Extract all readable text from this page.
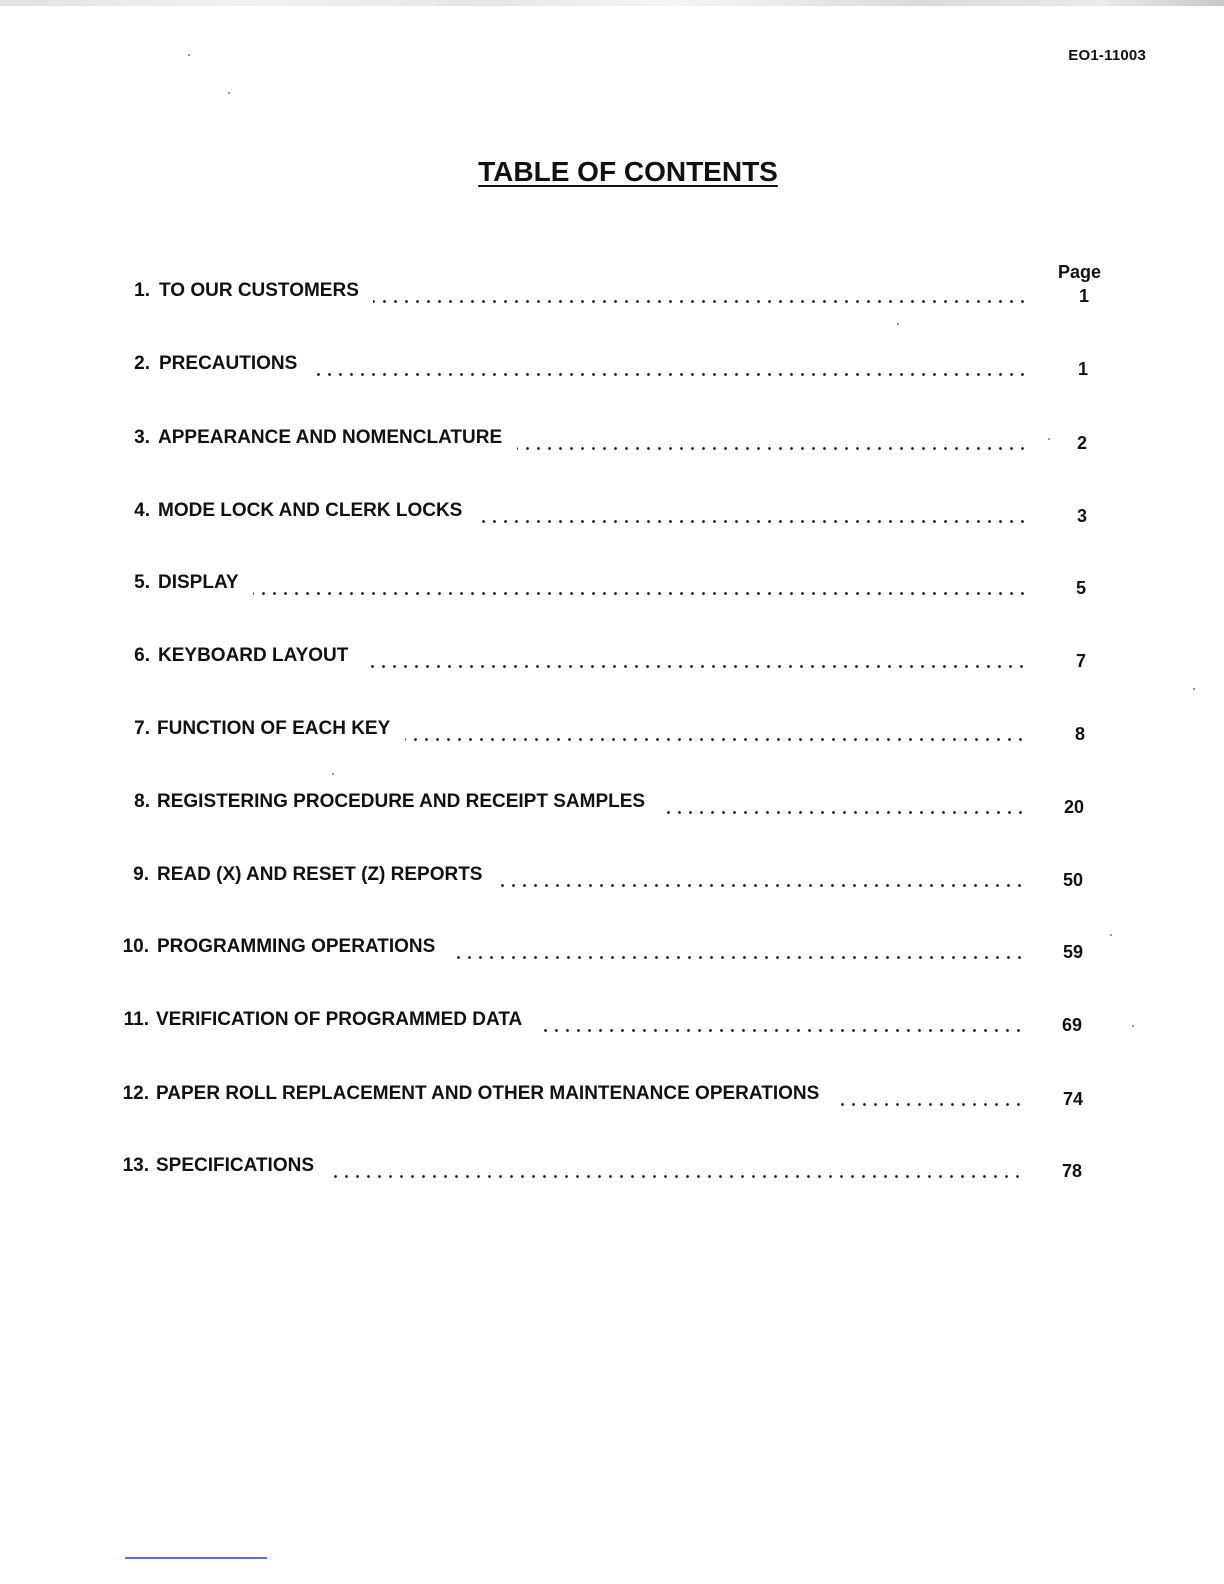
EO1-11003
TABLE OF CONTENTS
Page
1. TO OUR CUSTOMERS	1
2. PRECAUTIONS	1
3. APPEARANCE AND NOMENCLATURE	2
4. MODE LOCK AND CLERK LOCKS	3
5. DISPLAY	5
6. KEYBOARD LAYOUT	7
7. FUNCTION OF EACH KEY	8
8. REGISTERING PROCEDURE AND RECEIPT SAMPLES	20
9. READ (X) AND RESET (Z) REPORTS	50
10. PROGRAMMING OPERATIONS	59
11. VERIFICATION OF PROGRAMMED DATA	69
12. PAPER ROLL REPLACEMENT AND OTHER MAINTENANCE OPERATIONS	74
13. SPECIFICATIONS	78
